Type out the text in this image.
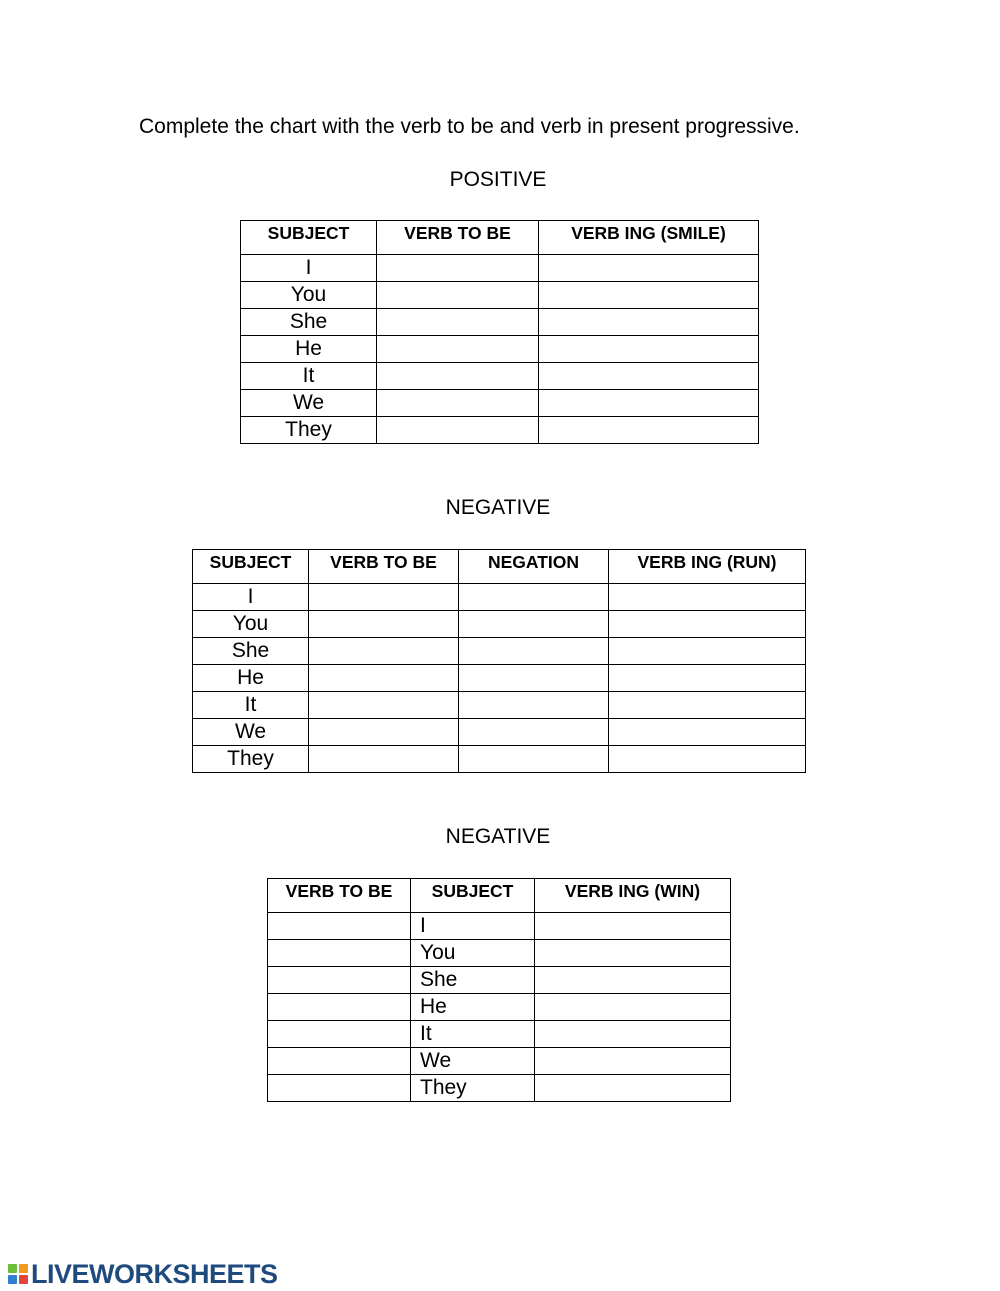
Complete the chart with the verb to be and verb in present progressive.
POSITIVE
SUBJECT	VERB TO BE	VERB ING (SMILE)
I		
You		
She		
He		
It		
We		
They		
NEGATIVE
SUBJECT	VERB TO BE	NEGATION	VERB ING (RUN)
I			
You			
She			
He			
It			
We			
They			
NEGATIVE
VERB TO BE	SUBJECT	VERB ING (WIN)
	I	
	You	
	She	
	He	
	It	
	We	
	They	
LIVEWORKSHEETS
